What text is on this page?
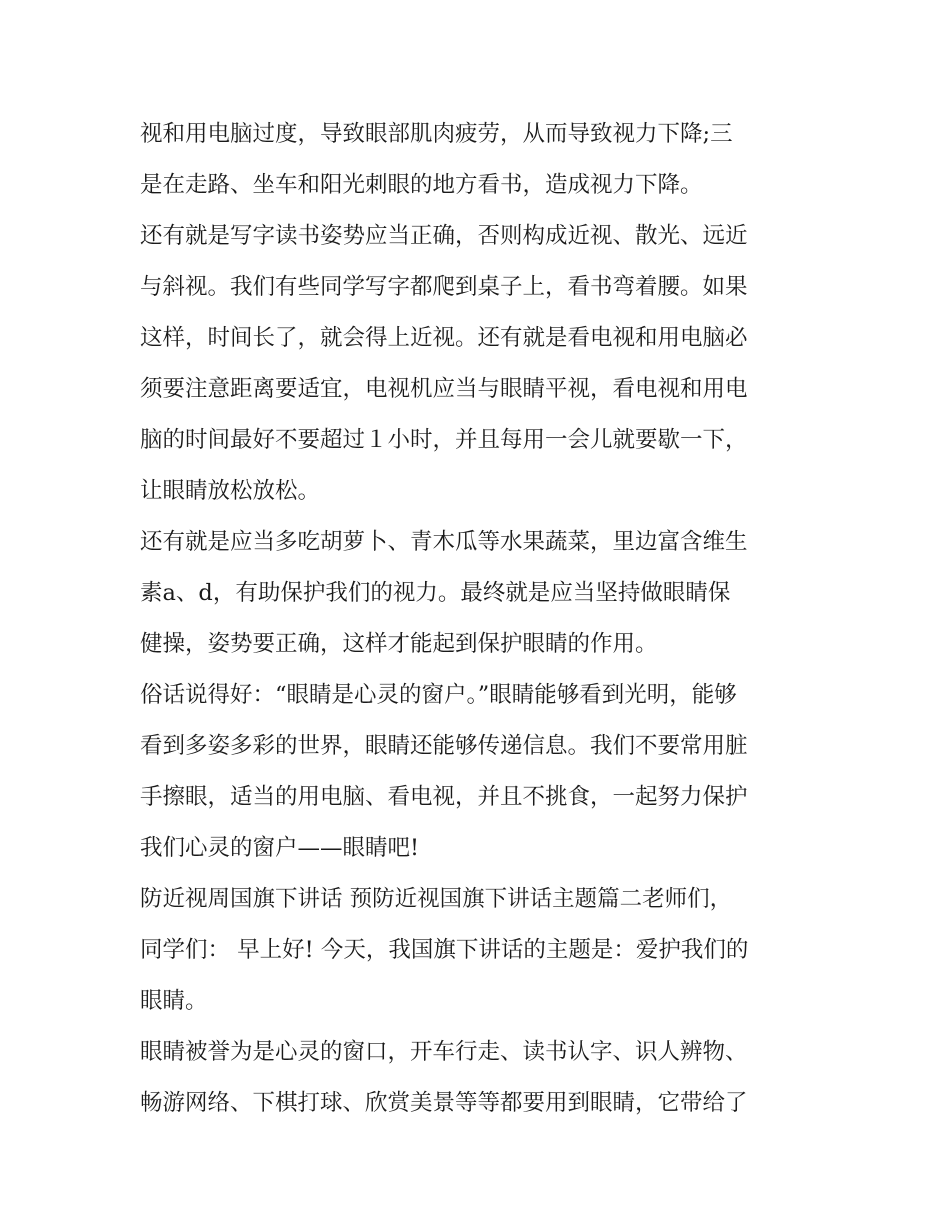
视和用电脑过度，导致眼部肌肉疲劳，从而导致视力下降;三
是在走路、坐车和阳光刺眼的地方看书，造成视力下降。
还有就是写字读书姿势应当正确，否则构成近视、散光、远近
与斜视。我们有些同学写字都爬到桌子上，看书弯着腰。如果
这样，时间长了，就会得上近视。还有就是看电视和用电脑必
须要注意距离要适宜，电视机应当与眼睛平视，看电视和用电
脑的时间最好不要超过１小时，并且每用一会儿就要歇一下，
让眼睛放松放松。
还有就是应当多吃胡萝卜、青木瓜等水果蔬菜，里边富含维生
素a、d，有助保护我们的视力。最终就是应当坚持做眼睛保
健操，姿势要正确，这样才能起到保护眼睛的作用。
俗话说得好：“眼睛是心灵的窗户。”眼睛能够看到光明，能够
看到多姿多彩的世界，眼睛还能够传递信息。我们不要常用脏
手擦眼，适当的用电脑、看电视，并且不挑食，一起努力保护
我们心灵的窗户——眼睛吧!
防近视周国旗下讲话 预防近视国旗下讲话主题篇二老师们，
同学们： 早上好! 今天，我国旗下讲话的主题是：爱护我们的
眼睛。
眼睛被誉为是心灵的窗口，开车行走、读书认字、识人辨物、
畅游网络、下棋打球、欣赏美景等等都要用到眼睛，它带给了
